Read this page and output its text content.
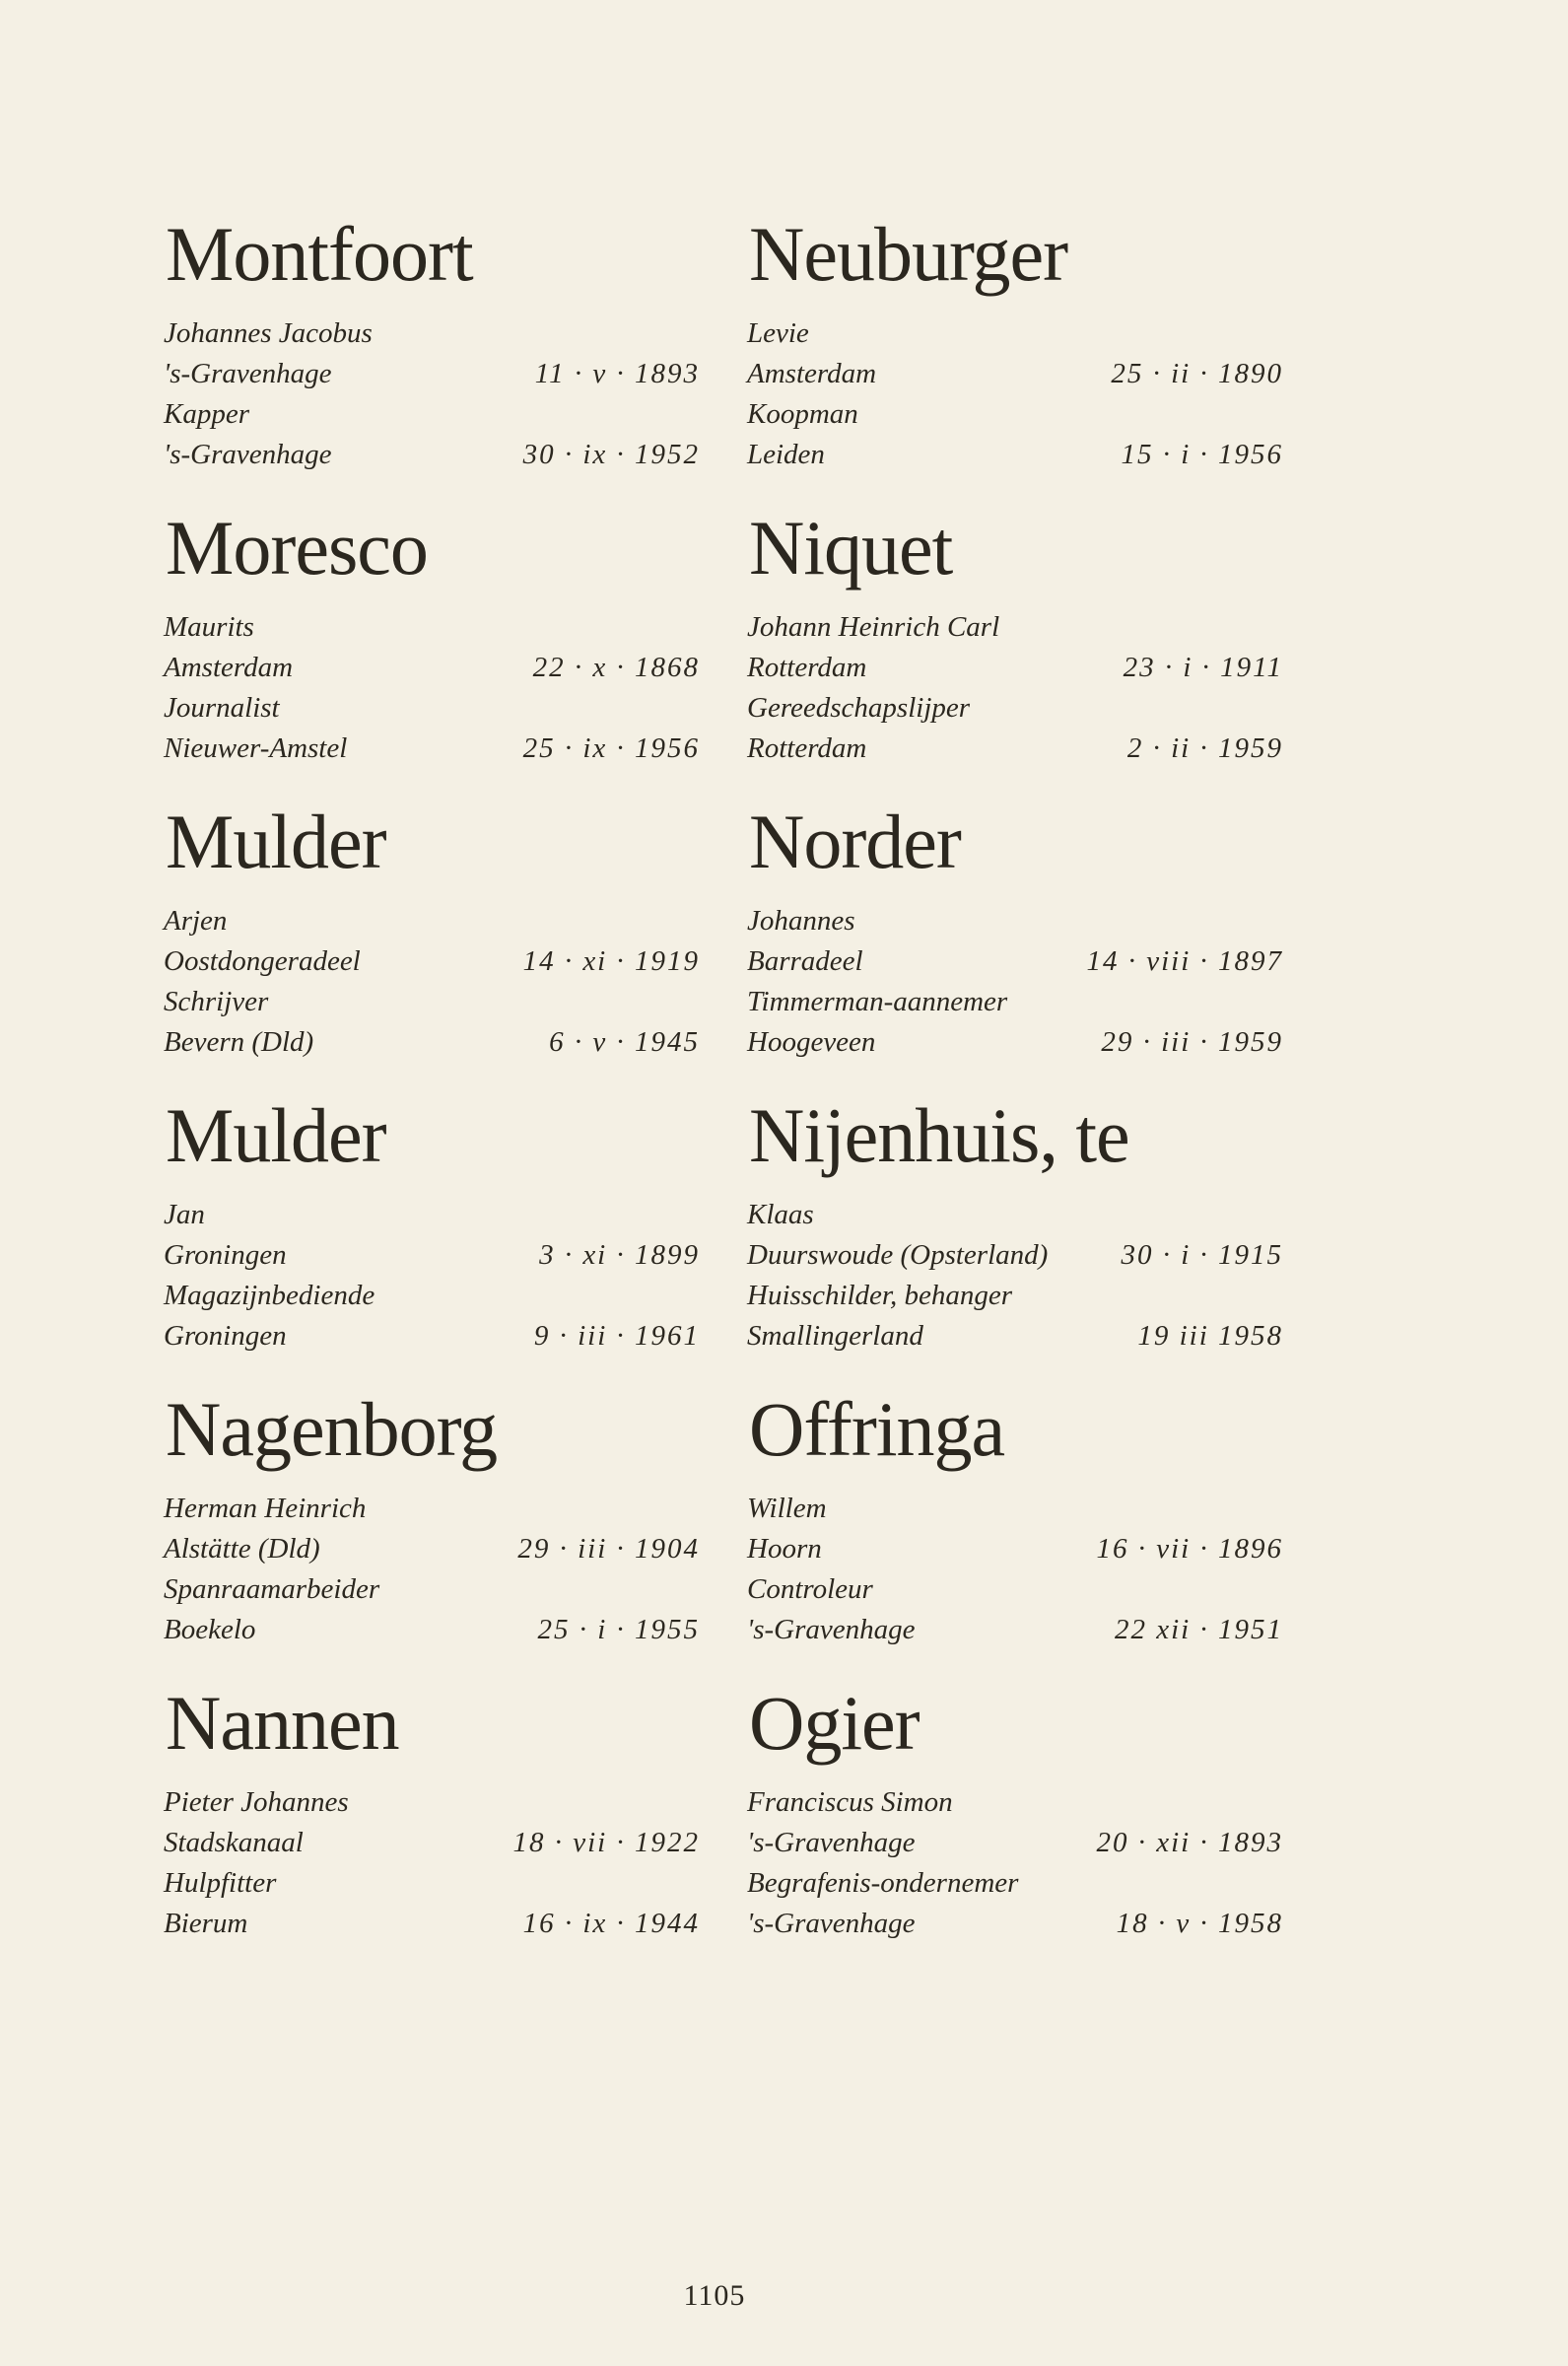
Montfoort
Johannes Jacobus
's-Gravenhage	11 · v · 1893
Kapper
's-Gravenhage	30 · ix · 1952
Moresco
Maurits
Amsterdam	22 · x · 1868
Journalist
Nieuwer-Amstel	25 · ix · 1956
Mulder
Arjen
Oostdongeradeel	14 · xi · 1919
Schrijver
Bevern (Dld)	6 · v · 1945
Mulder
Jan
Groningen	3 · xi · 1899
Magazijnbediende
Groningen	9 · iii · 1961
Nagenborg
Herman Heinrich
Alstätte (Dld)	29 · iii · 1904
Spanraamarbeider
Boekelo	25 · i · 1955
Nannen
Pieter Johannes
Stadskanaal	18 · vii · 1922
Hulpfitter
Bierum	16 · ix · 1944
Neuburger
Levie
Amsterdam	25 · ii · 1890
Koopman
Leiden	15 · i · 1956
Niquet
Johann Heinrich Carl
Rotterdam	23 · i · 1911
Gereedschapslijper
Rotterdam	2 · ii · 1959
Norder
Johannes
Barradeel	14 · viii · 1897
Timmerman-aannemer
Hoogeveen	29 · iii · 1959
Nijenhuis, te
Klaas
Duurswoude (Opsterland)	30 · i · 1915
Huisschilder, behanger
Smallingerland	19 iii 1958
Offringa
Willem
Hoorn	16 · vii · 1896
Controleur
's-Gravenhage	22 xii · 1951
Ogier
Franciscus Simon
's-Gravenhage	20 · xii · 1893
Begrafenis-ondernemer
's-Gravenhage	18 · v · 1958
1105
